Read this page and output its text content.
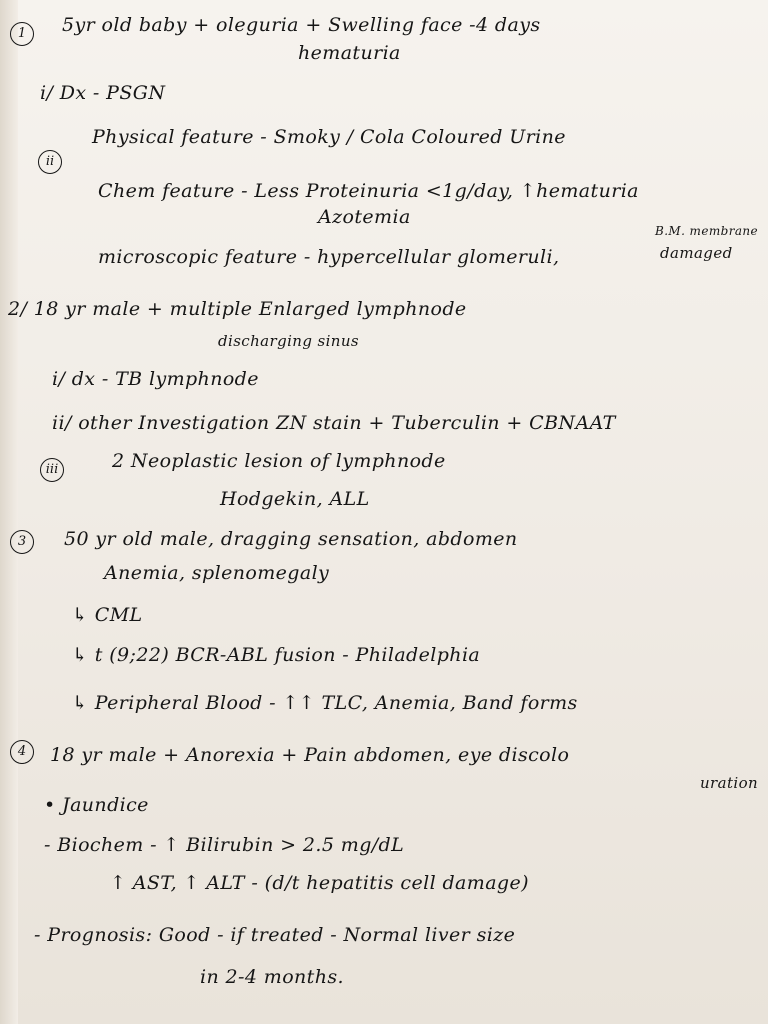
1	5yr old baby + oleguria + Swelling face -4 days
hematuria
i/ Dx - PSGN
ii
Physical feature - Smoky / Cola Coloured Urine
Chem feature - Less Proteinuria <1g/day, ↑hematuria
Azotemia
microscopic feature - hypercellular glomeruli,
B.M. membrane
damaged
2/ 18 yr male + multiple Enlarged lymphnode
discharging sinus
i/ dx - TB lymphnode
ii/ other Investigation ZN stain + Tuberculin + CBNAAT
iii	2 Neoplastic lesion of lymphnode
Hodgekin, ALL
3	50 yr old male, dragging sensation, abdomen
Anemia, splenomegaly
↳ CML
↳ t (9;22) BCR-ABL fusion - Philadelphia
↳ Peripheral Blood - ↑↑ TLC, Anemia, Band forms
4	18 yr male + Anorexia + Pain abdomen, eye discolo
uration
• Jaundice
- Biochem - ↑ Bilirubin > 2.5 mg/dL
↑ AST, ↑ ALT - (d/t hepatitis cell damage)
- Prognosis: Good - if treated - Normal liver size
in 2-4 months.
